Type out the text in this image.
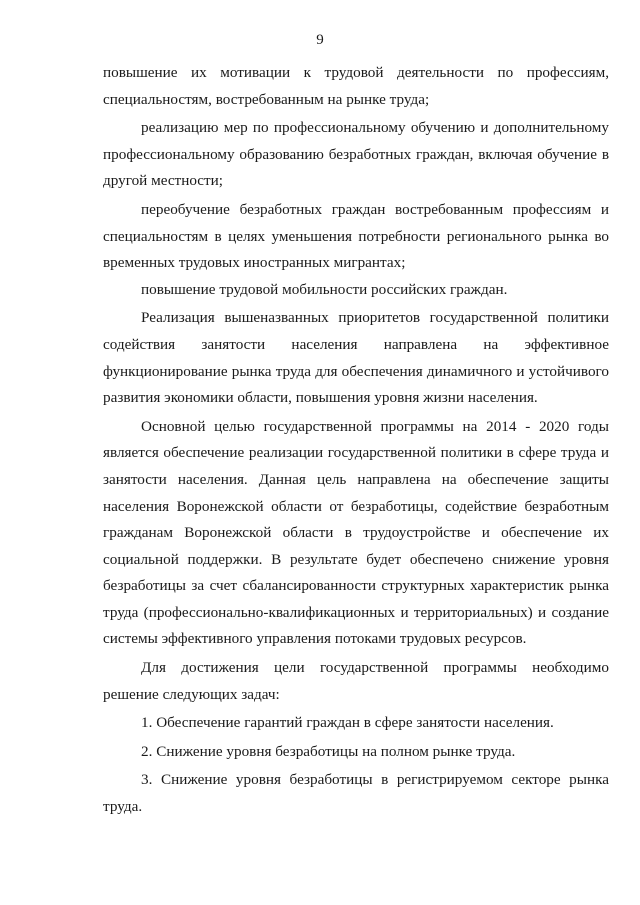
9

повышение их мотивации к трудовой деятельности по профессиям, специальностям, востребованным на рынке труда;

реализацию мер по профессиональному обучению и дополнительному профессиональному образованию безработных граждан, включая обучение в другой местности;

переобучение безработных граждан востребованным профессиям и специальностям в целях уменьшения потребности регионального рынка во временных трудовых иностранных мигрантах;

повышение трудовой мобильности российских граждан.

Реализация вышеназванных приоритетов государственной политики содействия занятости населения направлена на эффективное функционирование рынка труда для обеспечения динамичного и устойчивого развития экономики области, повышения уровня жизни населения.

Основной целью государственной программы на 2014 - 2020 годы является обеспечение реализации государственной политики в сфере труда и занятости населения. Данная цель направлена на обеспечение защиты населения Воронежской области от безработицы, содействие безработным гражданам Воронежской области в трудоустройстве и обеспечение их социальной поддержки. В результате будет обеспечено снижение уровня безработицы за счет сбалансированности структурных характеристик рынка труда (профессионально-квалификационных и территориальных) и создание системы эффективного управления потоками трудовых ресурсов.

Для достижения цели государственной программы необходимо решение следующих задач:

1. Обеспечение гарантий граждан в сфере занятости населения.

2. Снижение уровня безработицы на полном рынке труда.

3. Снижение уровня безработицы в регистрируемом секторе рынка труда.
